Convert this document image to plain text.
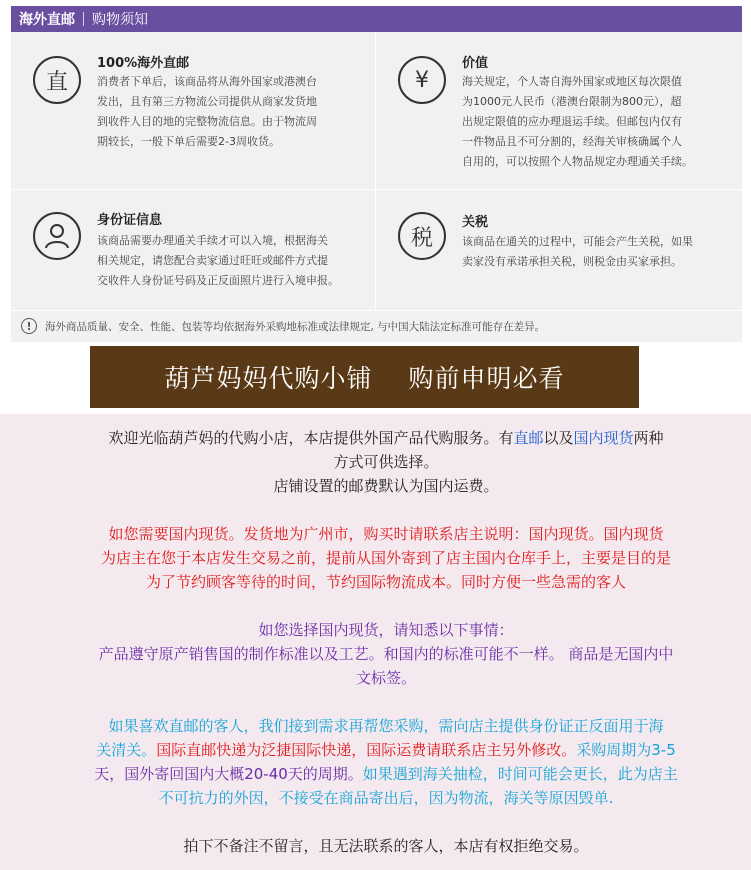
海外直邮 购物须知
直
100%海外直邮
消费者下单后，该商品将从海外国家或港澳台
发出，且有第三方物流公司提供从商家发货地
到收件人目的地的完整物流信息。由于物流周
期较长，一般下单后需要2-3周收货。
¥
价值
海关规定，个人寄自海外国家或地区每次限值
为1000元人民币（港澳台限制为800元），超
出规定限值的应办理退运手续。但邮包内仅有
一件物品且不可分割的，经海关审核确属个人
自用的，可以按照个人物品规定办理通关手续。
身份证信息
该商品需要办理通关手续才可以入境，根据海关
相关规定，请您配合卖家通过旺旺或邮件方式提
交收件人身份证号码及正反面照片进行入境申报。
税
关税
该商品在通关的过程中，可能会产生关税，如果
卖家没有承诺承担关税，则税金由买家承担。
!	海外商品质量、安全、性能、包装等均依据海外采购地标准或法律规定, 与中国大陆法定标准可能存在差异。
葫芦妈妈代购小铺 购前申明必看
欢迎光临葫芦妈的代购小店，本店提供外国产品代购服务。有直邮以及国内现货两种
方式可供选择。
店铺设置的邮费默认为国内运费。
如您需要国内现货。发货地为广州市，购买时请联系店主说明：国内现货。国内现货
为店主在您于本店发生交易之前，提前从国外寄到了店主国内仓库手上，主要是目的是
为了节约顾客等待的时间，节约国际物流成本。同时方便一些急需的客人
如您选择国内现货，请知悉以下事情：
产品遵守原产销售国的制作标准以及工艺。和国内的标准可能不一样。 商品是无国内中
文标签。
如果喜欢直邮的客人，我们接到需求再帮您采购，需向店主提供身份证正反面用于海
关清关。国际直邮快递为泛捷国际快递，国际运费请联系店主另外修改。采购周期为3-5
天，国外寄回国内大概20-40天的周期。如果遇到海关抽检，时间可能会更长，此为店主
不可抗力的外因，不接受在商品寄出后，因为物流，海关等原因毁单.
拍下不备注不留言，且无法联系的客人，本店有权拒绝交易。
